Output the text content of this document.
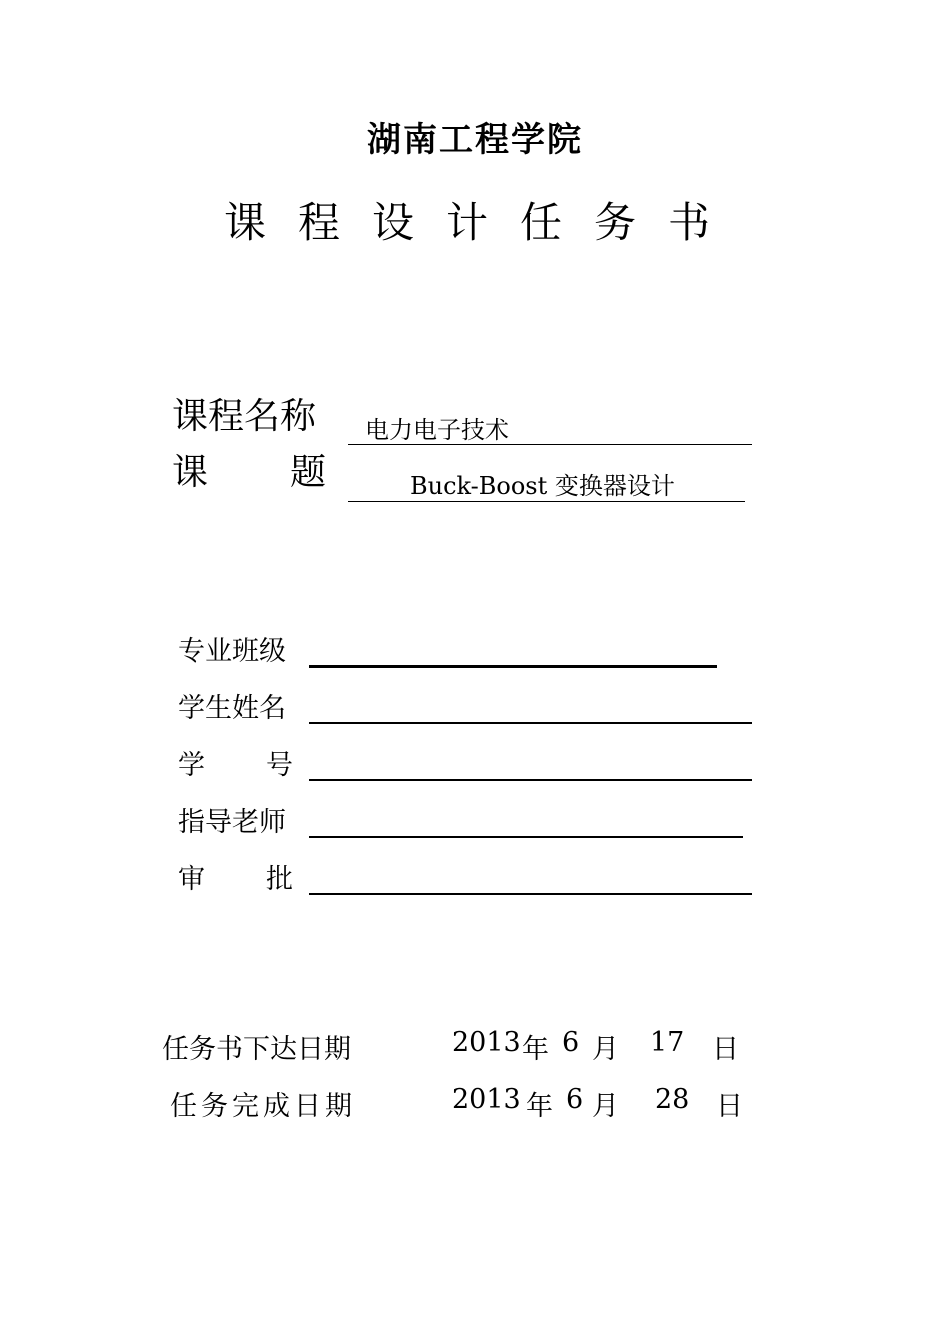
湖南工程学院
课程设计任务书
课程名称 电力电子技术
课 题	Buck-Boost 变换器设计
专业班级
学生姓名
学 号
指导老师
审 批
任务书下达日期	2013 年 6 月 17 日
任务完成日期	2013 年 6 月 28 日
